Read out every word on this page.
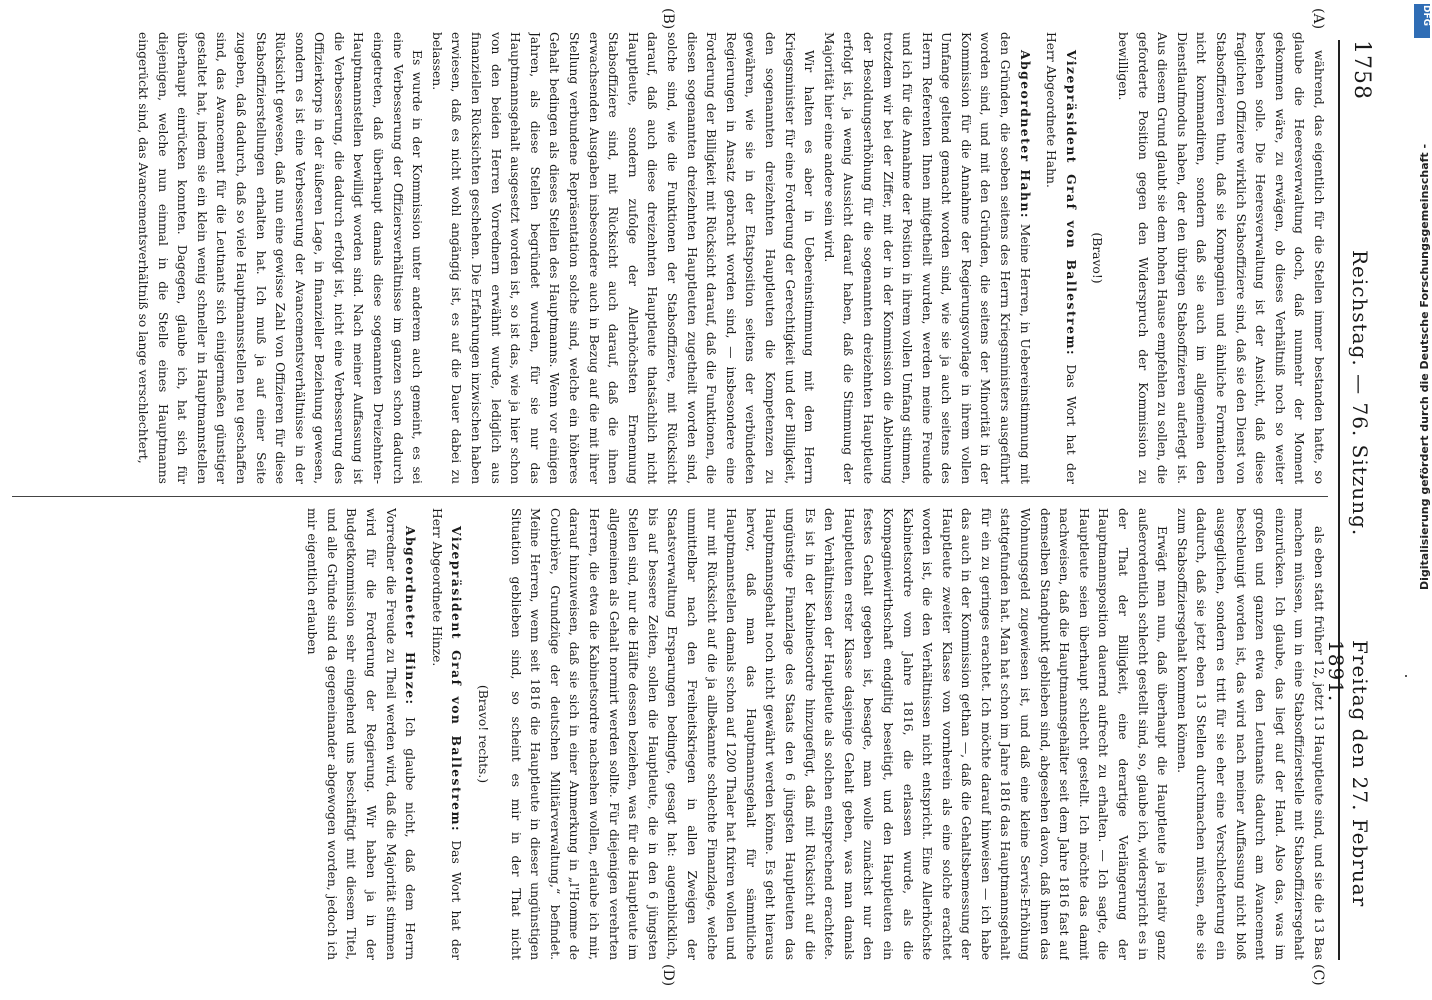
1758
Reichstag. — 76. Sitzung.
Freitag den 27. Februar 1891.
(A)
(B)
(C)
(D)

während, das eigentlich für die Stellen immer bestanden hatte, so glaube die Heeresverwaltung doch, daß nunmehr der Moment gekommen wäre, zu erwägen, ob dieses Verhältniß noch so weiter bestehen solle. Die Heeresverwaltung ist der Ansicht, daß diese fraglichen Offiziere wirklich Stabsoffiziere sind, daß sie den Dienst von Stabsoffizieren thun, daß sie Kompagnien und ähnliche Formationen nicht kommandiren, sondern daß sie auch im allgemeinen den Dienstlaufmodus haben, der den übrigen Stabsoffizieren auferlegt ist. Aus diesem Grund glaubt sie dem hohen Hause empfehlen zu sollen, die geforderte Position gegen den Widerspruch der Kommission zu bewilligen.

(Bravo!)

Vizepräsident Graf von Ballestrem: Das Wort hat der Herr Abgeordnete Hahn.

Abgeordneter Hahn: Meine Herren, in Uebereinstimmung mit den Gründen, die soeben seitens des Herrn Kriegsministers ausgeführt worden sind, und mit den Gründen, die seitens der Minorität in der Kommission für die Annahme der Regierungsvorlage in ihrem vollen Umfange geltend gemacht worden sind, wie sie ja auch seitens des Herrn Referenten Ihnen mitgetheilt wurden, werden meine Freunde und ich für die Annahme der Position in ihrem vollen Umfang stimmen, trotzdem wir bei der Ziffer, mit der in der Kommission die Ablehnung der Besoldungserhöhung für die sogenannten dreizehnten Hauptleute erfolgt ist, ja wenig Aussicht darauf haben, daß die Stimmung der Majorität hier eine andere sein wird.

Wir halten es aber in Uebereinstimmung mit dem Herrn Kriegsminister für eine Forderung der Gerechtigkeit und der Billigkeit, den sogenannten dreizehnten Hauptleuten die Kompetenzen zu gewähren, wie sie in der Etatsposition seitens der verbündeten Regierungen in Ansatz gebracht worden sind, — insbesondere eine Forderung der Billigkeit mit Rücksicht darauf, daß die Funktionen, die diesen sogenannten dreizehnten Hauptleuten zugetheilt worden sind, solche sind, wie die Funktionen der Stabsoffiziere, mit Rücksicht darauf, daß auch diese dreizehnten Hauptleute thatsächlich nicht Hauptleute, sondern zufolge der Allerhöchsten Ernennung Stabsoffiziere sind, mit Rücksicht auch darauf, daß die ihnen erwachsenden Ausgaben insbesondere auch in Bezug auf die mit ihrer Stellung verbundene Repräsentation solche sind, welche ein höheres Gehalt bedingen als dieses Stellen des Hauptmanns. Wenn vor einigen Jahren, als diese Stellen begründet wurden, für sie nur das Hauptmannsgehalt ausgesetzt worden ist, so ist das, wie ja hier schon von den beiden Herren Vorrednern erwähnt wurde, lediglich aus finanziellen Rücksichten geschehen. Die Erfahrungen inzwischen haben erwiesen, daß es nicht wohl angängig ist, es auf die Dauer dabei zu belassen.

Es wurde in der Kommission unter anderem auch gemeint, es sei eine Verbesserung der Offiziersverhältnisse im ganzen schon dadurch eingetreten, daß überhaupt damals diese sogenannten Dreizehnten-Hauptmannstellen bewilligt worden sind. Nach meiner Auffassung ist die Verbesserung, die dadurch erfolgt ist, nicht eine Verbesserung des Offizierkorps in der äußeren Lage, in finanzieller Beziehung gewesen, sondern es ist eine Verbesserung der Avancementsverhältnisse in der Rücksicht gewesen, daß nun eine gewisse Zahl von Offizieren für diese Stabsoffizierstellungen erhalten hat. Ich muß ja auf einer Seite zugeben, daß dadurch, daß so viele Hauptmannsstellen neu geschaffen sind, das Avancement für die Leutnants sich einigermaßen günstiger gestaltet hat, indem sie ein klein wenig schneller in Hauptmannstellen überhaupt einrücken konnten. Dagegen, glaube ich, hat sich für diejenigen, welche nun einmal in die Stelle eines Hauptmanns eingerückt sind, das Avancementsverhältniß so lange verschlechtert,

als eben statt früher 12, jetzt 13 Hauptleute sind, und sie die 13 Bas machen müssen, um in eine Stabsoffizierstelle mit Stabsoffiziersgehalt einzurücken. Ich glaube, das liegt auf der Hand. Also das, was im großen und ganzen etwa den Leutnants dadurch am Avancement beschleunigt worden ist, das wird nach meiner Auffassung nicht bloß ausgeglichen, sondern es tritt für sie eher eine Verschlechterung ein dadurch, daß sie jetzt eben 13 Stellen durchmachen müssen, ehe sie zum Stabsoffiziersgehalt kommen können.

Erwägt man nun, daß überhaupt die Hauptleute ja relativ ganz außerordentlich schlecht gestellt sind, so, glaube ich, widerspricht es in der That der Billigkeit, eine derartige Verlängerung der Hauptmannsposition dauernd aufrecht zu erhalten. — Ich sagte, die Hauptleute seien überhaupt schlecht gestellt. Ich möchte das damit nachweisen, daß die Hauptmannsgehälter seit dem Jahre 1816 fast auf demselben Standpunkt geblieben sind, abgesehen davon, daß ihnen das Wohnungsgeld zugewiesen ist, und daß eine kleine Servis-Erhöhung stattgefunden hat. Man hat schon im Jahre 1816 das Hauptmannsgehalt für ein zu geringes erachtet. Ich möchte darauf hinweisen — ich habe das auch in der Kommission gethan —, daß die Gehaltsbemessung der Hauptleute zweiter Klasse von vornherein als eine solche erachtet worden ist, die den Verhältnissen nicht entspricht. Eine Allerhöchste Kabinetsordre vom Jahre 1816, die erlassen wurde, als die Kompagniewirthschaft endgiltig beseitigt, und den Hauptleuten ein festes Gehalt gegeben ist, besagte, man wolle zunächst nur den Hauptleuten erster Klasse dasjenige Gehalt geben, was man damals den Verhältnissen der Hauptleute als solchen entsprechend erachtete. Es ist in der Kabinetsordre hinzugefügt, daß mit Rücksicht auf die ungünstige Finanzlage des Staats den 6 jüngsten Hauptleuten das Hauptmannsgehalt noch nicht gewährt werden könne. Es geht hieraus hervor, daß man das Hauptmannsgehalt für sämmtliche Hauptmannstellen damals schon auf 1200 Thaler hat fixiren wollen und nur mit Rücksicht auf die ja allbekannte schlechte Finanzlage, welche unmittelbar nach den Freiheitskriegen in allen Zweigen der Staatsverwaltung Ersparungen bedingte, gesagt hat: augenblicklich, bis auf bessere Zeiten, sollen die Hauptleute, die in den 6 jüngsten Stellen sind, nur die Hälfte dessen beziehen, was für die Hauptleute im allgemeinen als Gehalt normirt werden sollte. Für diejenigen verehrten Herren, die etwa die Kabinetsordre nachsehen wollen, erlaube ich mir, darauf hinzuweisen, daß sie sich in einer Anmerkung in „l'Homme de Courbière, Grundzüge der deutschen Militärverwaltung,“ befindet. Meine Herren, wenn seit 1816 die Hauptleute in dieser ungünstigen Situation geblieben sind, so scheint es mir in der That nicht

(Bravo! rechts.)

Vizepräsident Graf von Ballestrem: Das Wort hat der Herr Abgeordnete Hinze.

Abgeordneter Hinze: Ich glaube nicht, daß dem Herrn Vorredner die Freude zu Theil werden wird, daß die Majorität stimmen wird für die Forderung der Regierung. Wir haben ja in der Budgetkommission sehr eingehend uns beschäftigt mit diesem Titel, und alle Gründe sind da gegeneinander abgewogen worden, jedoch ich mir eigentlich erlauben

DFG
Digitalisierung gefördert durch die Deutsche Forschungsgemeinschaft -
